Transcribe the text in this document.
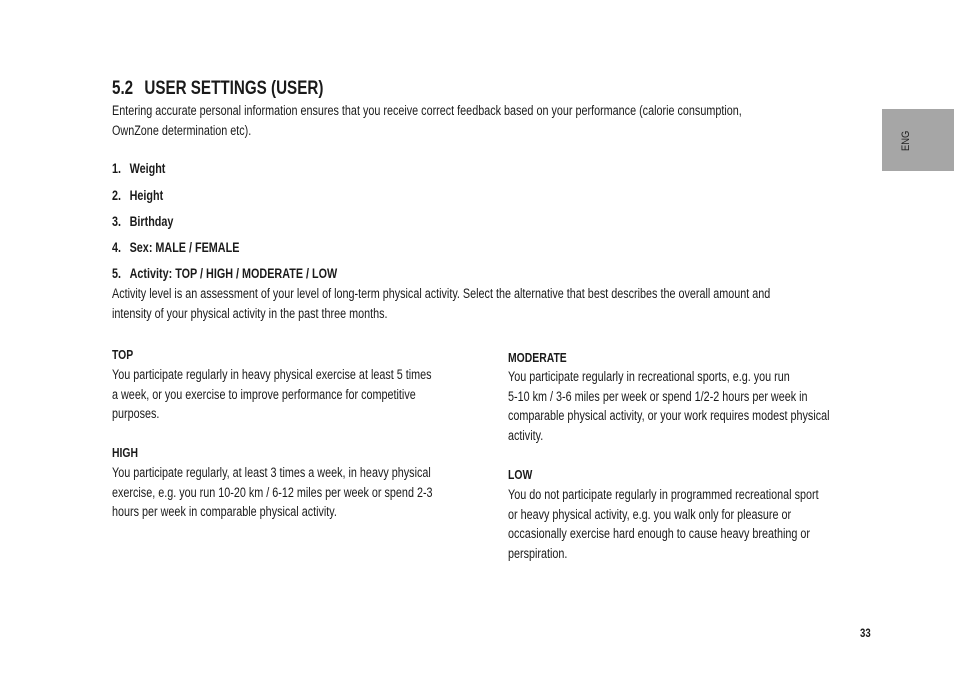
5.2 USER SETTINGS (USER)
Entering accurate personal information ensures that you receive correct feedback based on your performance (calorie consumption,
OwnZone determination etc).
1. Weight
2. Height
3. Birthday
4. Sex: MALE / FEMALE
5. Activity: TOP / HIGH / MODERATE / LOW
Activity level is an assessment of your level of long-term physical activity. Select the alternative that best describes the overall amount and
intensity of your physical activity in the past three months.
TOP
You participate regularly in heavy physical exercise at least 5 times
a week, or you exercise to improve performance for competitive
purposes.
HIGH
You participate regularly, at least 3 times a week, in heavy physical
exercise, e.g. you run 10-20 km / 6-12 miles per week or spend 2-3
hours per week in comparable physical activity.
MODERATE
You participate regularly in recreational sports, e.g. you run
5-10 km / 3-6 miles per week or spend 1/2-2 hours per week in
comparable physical activity, or your work requires modest physical
activity.
LOW
You do not participate regularly in programmed recreational sport
or heavy physical activity, e.g. you walk only for pleasure or
occasionally exercise hard enough to cause heavy breathing or
perspiration.
ENG
33
